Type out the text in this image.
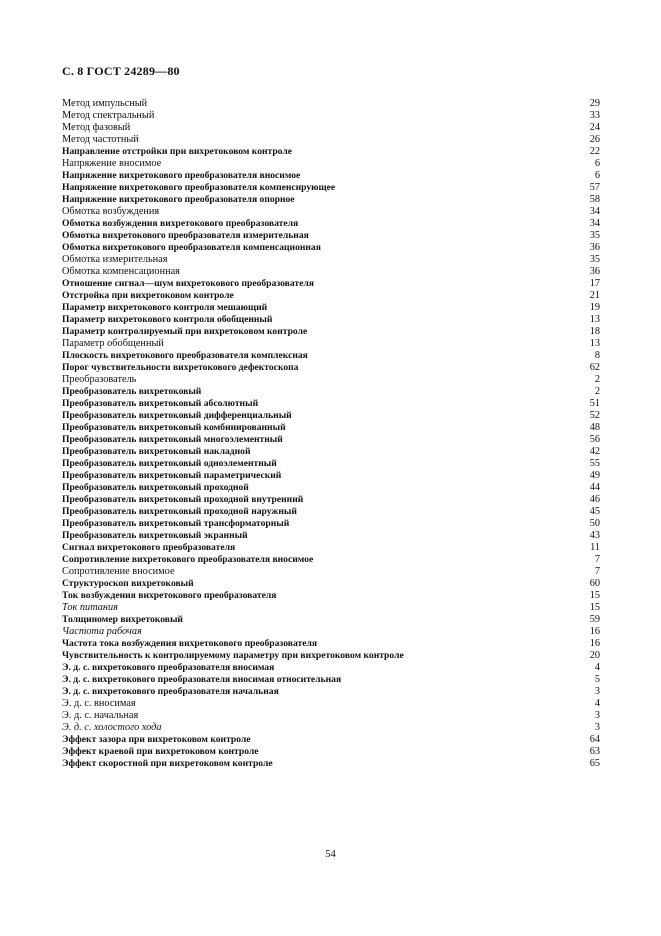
С. 8 ГОСТ 24289—80
Метод импульсный	29
Метод спектральный	33
Метод фазовый	24
Метод частотный	26
Направление отстройки при вихретоковом контроле	22
Напряжение вносимое	6
Напряжение вихретокового преобразователя вносимое	6
Напряжение вихретокового преобразователя компенсирующее	57
Напряжение вихретокового преобразователя опорное	58
Обмотка возбуждения	34
Обмотка возбуждения вихретокового преобразователя	34
Обмотка вихретокового преобразователя измерительная	35
Обмотка вихретокового преобразователя компенсационная	36
Обмотка измерительная	35
Обмотка компенсационная	36
Отношение сигнал—шум вихретокового преобразователя	17
Отстройка при вихретоковом контроле	21
Параметр вихретокового контроля мешающий	19
Параметр вихретокового контроля обобщенный	13
Параметр контролируемый при вихретоковом контроле	18
Параметр обобщенный	13
Плоскость вихретокового преобразователя комплексная	8
Порог чувствительности вихретокового дефектоскопа	62
Преобразователь	2
Преобразователь вихретоковый	2
Преобразователь вихретоковый абсолютный	51
Преобразователь вихретоковый дифференциальный	52
Преобразователь вихретоковый комбинированный	48
Преобразователь вихретоковый многоэлементный	56
Преобразователь вихретоковый накладной	42
Преобразователь вихретоковый одноэлементный	55
Преобразователь вихретоковый параметрический	49
Преобразователь вихретоковый проходной	44
Преобразователь вихретоковый проходной внутренний	46
Преобразователь вихретоковый проходной наружный	45
Преобразователь вихретоковый трансформаторный	50
Преобразователь вихретоковый экранный	43
Сигнал вихретокового преобразователя	11
Сопротивление вихретокового преобразователя вносимое	7
Сопротивление вносимое	7
Структуроскоп вихретоковый	60
Ток возбуждения вихретокового преобразователя	15
Ток питания	15
Толщиномер вихретоковый	59
Частота рабочая	16
Частота тока возбуждения вихретокового преобразователя	16
Чувствительность к контролируемому параметру при вихретоковом контроле	20
Э. д. с. вихретокового преобразователя вносимая	4
Э. д. с. вихретокового преобразователя вносимая относительная	5
Э. д. с. вихретокового преобразователя начальная	3
Э. д. с. вносимая	4
Э. д. с. начальная	3
Э. д. с. холостого хода	3
Эффект зазора при вихретоковом контроле	64
Эффект краевой при вихретоковом контроле	63
Эффект скоростной при вихретоковом контроле	65

54
